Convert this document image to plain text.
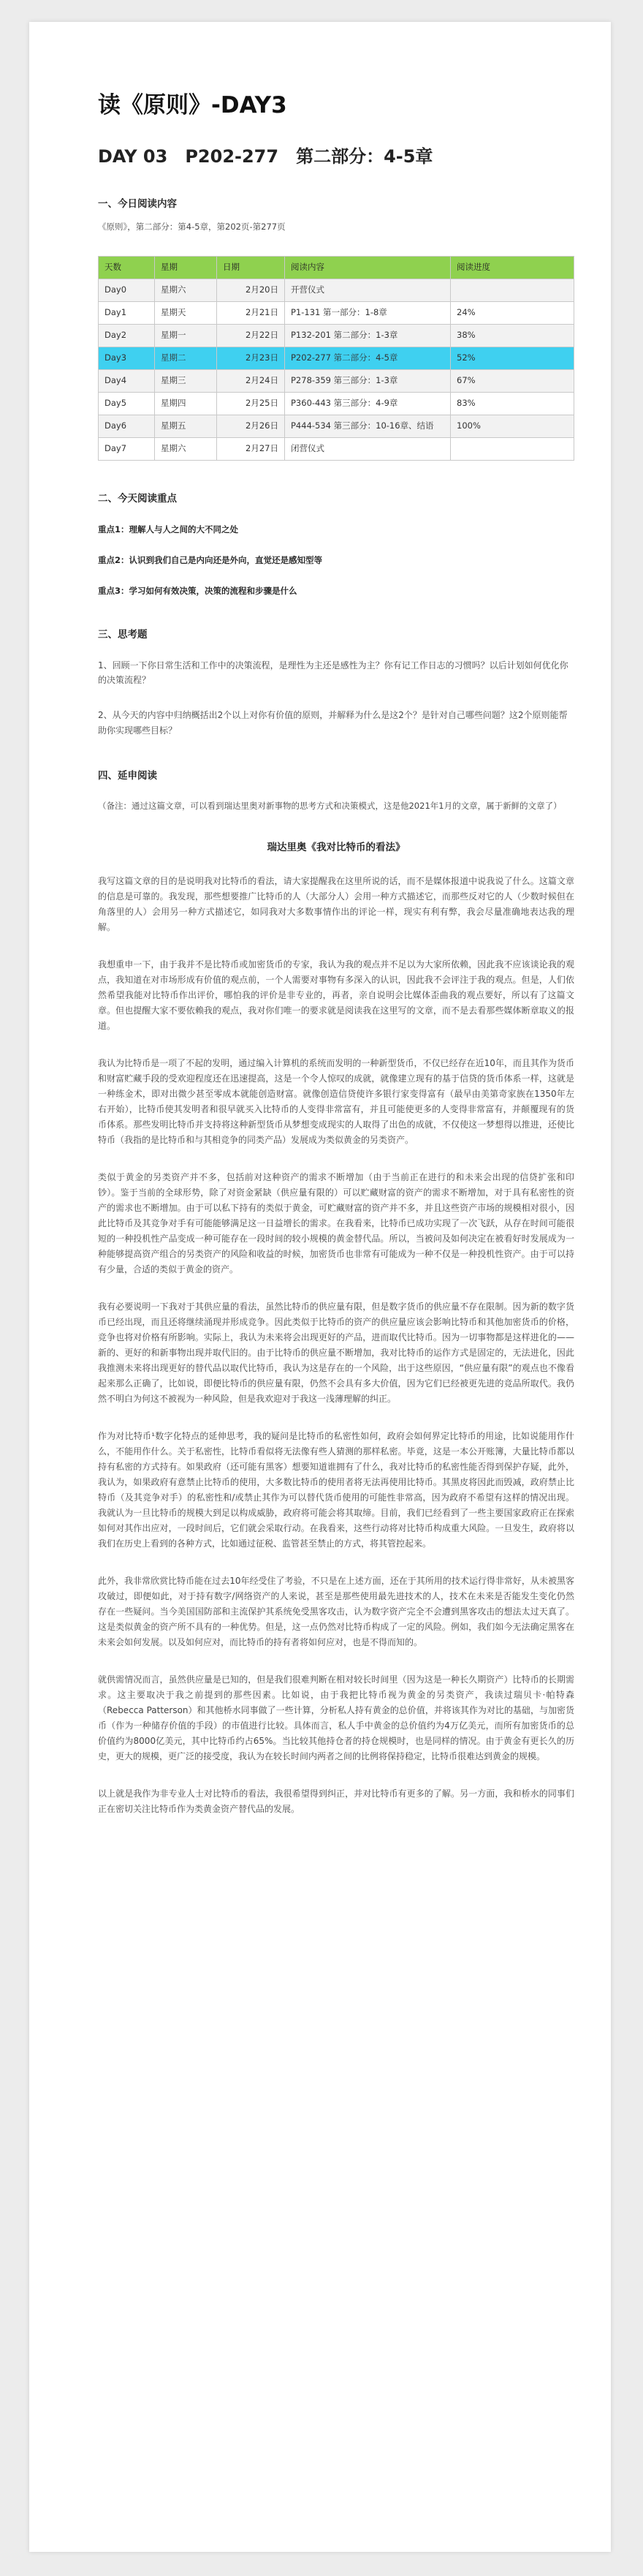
读《原则》-DAY3
DAY 03　P202-277　第二部分：4-5章
一、今日阅读内容

《原则》，第二部分：第4-5章，第202页-第277页

天数	星期	日期	阅读内容	阅读进度
Day0	星期六	2月20日	开营仪式	
Day1	星期天	2月21日	P1-131 第一部分：1-8章	24%
Day2	星期一	2月22日	P132-201 第二部分：1-3章	38%
Day3	星期二	2月23日	P202-277 第二部分：4-5章	52%
Day4	星期三	2月24日	P278-359 第三部分：1-3章	67%
Day5	星期四	2月25日	P360-443 第三部分：4-9章	83%
Day6	星期五	2月26日	P444-534 第三部分：10-16章、结语	100%
Day7	星期六	2月27日	闭营仪式	
二、今天阅读重点

重点1：理解人与人之间的大不同之处

重点2：认识到我们自己是内向还是外向，直觉还是感知型等

重点3：学习如何有效决策，决策的流程和步骤是什么

三、思考题

1、回顾一下你日常生活和工作中的决策流程，是理性为主还是感性为主？你有记工作日志的习惯吗？以后计划如何优化你的决策流程？

2、从今天的内容中归纳概括出2个以上对你有价值的原则，并解释为什么是这2个？是针对自己哪些问题？这2个原则能帮助你实现哪些目标？

四、延申阅读

（备注：通过这篇文章，可以看到瑞达里奥对新事物的思考方式和决策模式，这是他2021年1月的文章，属于新鲜的文章了）

瑞达里奥《我对比特币的看法》

我写这篇文章的目的是说明我对比特币的看法，请大家提醒我在这里所说的话，而不是媒体报道中说我说了什么。这篇文章的信息是可靠的。我发现，那些想要推广比特币的人（大部分人）会用一种方式描述它，而那些反对它的人（少数时候但在角落里的人）会用另一种方式描述它，如同我对大多数事情作出的评论一样，现实有利有弊，我会尽量准确地表达我的理解。

我想重申一下，由于我并不是比特币或加密货币的专家，我认为我的观点并不足以为大家所依赖，因此我不应该谈论我的观点，我知道在对市场形成有价值的观点前，一个人需要对事物有多深入的认识，因此我不会评注于我的观点。但是，人们依然希望我能对比特币作出评价，哪怕我的评价是非专业的，再者，亲自说明会比媒体歪曲我的观点要好，所以有了这篇文章。但也提醒大家不要依赖我的观点，我对你们唯一的要求就是阅读我在这里写的文章，而不是去看那些媒体断章取义的报道。

我认为比特币是一项了不起的发明，通过编入计算机的系统而发明的一种新型货币，不仅已经存在近10年，而且其作为货币和财富贮藏手段的受欢迎程度还在迅速提高，这是一个令人惊叹的成就，就像建立现有的基于信贷的货币体系一样，这就是一种练金术，即对出微少甚至零成本就能创造财富。就像创造信贷使许多银行家变得富有（最早由美第奇家族在1350年左右开始），比特币使其发明者和很早就买入比特币的人变得非常富有，并且可能使更多的人变得非常富有，并颠覆现有的货币体系。那些发明比特币并支持将这种新型货币从梦想变成现实的人取得了出色的成就，不仅使这一梦想得以推进，还使比特币（我指的是比特币和与其相竞争的同类产品）发展成为类似黄金的另类资产。

类似于黄金的另类资产并不多，包括前对这种资产的需求不断增加（由于当前正在进行的和未来会出现的信贷扩张和印钞）。鉴于当前的全球形势，除了对资金紧缺（供应量有限的）可以贮藏财富的资产的需求不断增加，对于具有私密性的资产的需求也不断增加。由于可以私下持有的类似于黄金，可贮藏财富的资产并不多，并且这些资产市场的规模相对很小，因此比特币及其竞争对手有可能能够满足这一日益增长的需求。在我看来，比特币已成功实现了一次飞跃，从存在时间可能很短的一种投机性产品变成一种可能存在一段时间的较小规模的黄金替代品。所以，当被问及如何决定在被看好时发展成为一种能够提高资产组合的另类资产的风险和收益的时候，加密货币也非常有可能成为一种不仅是一种投机性资产。由于可以持有少量，合适的类似于黄金的资产。

我有必要说明一下我对于其供应量的看法，虽然比特币的供应量有限，但是数字货币的供应量不存在限制。因为新的数字货币已经出现，而且还将继续涌现并形成竞争。因此类似于比特币的资产的供应量应该会影响比特币和其他加密货币的价格，竞争也将对价格有所影响。实际上，我认为未来将会出现更好的产品，进而取代比特币。因为一切事物都是这样进化的——新的、更好的和新事物出现并取代旧的。由于比特币的供应量不断增加，我对比特币的运作方式是固定的，无法进化，因此我推测未来将出现更好的替代品以取代比特币，我认为这是存在的一个风险，出于这些原因，“供应量有限”的观点也不像看起来那么正确了，比如说，即便比特币的供应量有限，仍然不会具有多大价值，因为它们已经被更先进的竞品所取代。我仍然不明白为何这不被视为一种风险，但是我欢迎对于我这一浅薄理解的纠正。

作为对比特币¹数字化特点的延伸思考，我的疑问是比特币的私密性如何，政府会如何界定比特币的用途，比如说能用作什么，不能用作什么。关于私密性，比特币看似将无法像有些人猜测的那样私密。毕竟，这是一本公开账簿，大量比特币都以持有私密的方式持有。如果政府（还可能有黑客）想要知道谁拥有了什么，我对比特币的私密性能否得到保护存疑，此外，我认为，如果政府有意禁止比特币的使用，大多数比特币的使用者将无法再使用比特币。其黑皮将因此而毁减，政府禁止比特币（及其竞争对手）的私密性和/或禁止其作为可以替代货币使用的可能性非常高，因为政府不希望有这样的情况出现。我就认为一旦比特币的规模大到足以构成威胁，政府将可能会将其取缔。目前，我们已经看到了一些主要国家政府正在探索如何对其作出应对，一段时间后，它们就会采取行动。在我看来，这些行动将对比特币构成重大风险。一旦发生，政府将以我们在历史上看到的各种方式，比如通过征税、监管甚至禁止的方式，将其管控起来。

此外，我非常欣赏比特币能在过去10年经受住了考验，不只是在上述方面，还在于其所用的技术运行得非常好，从未被黑客攻破过，即便如此，对于持有数字/网络资产的人来说，甚至是那些使用最先进技术的人，技术在未来是否能发生变化仍然存在一些疑问。当今美国国防部和主流保护其系统免受黑客攻击，认为数字资产完全不会遭到黑客攻击的想法太过天真了。这是类似黄金的资产所不具有的一种优势。但是，这一点仍然对比特币构成了一定的风险。例如，我们如今无法确定黑客在未来会如何发展。以及如何应对，而比特币的持有者将如何应对，也是不得而知的。

就供需情况而言，虽然供应量是已知的，但是我们很难判断在相对较长时间里（因为这是一种长久期资产）比特币的长期需求。这主要取决于我之前提到的那些因素。比如说，由于我把比特币视为黄金的另类资产，我读过瑞贝卡·帕特森（Rebecca Patterson）和其他桥水同事做了一些计算，分析私人持有黄金的总价值，并将该其作为对比的基础，与加密货币（作为一种储存价值的手段）的市值进行比较。具体而言，私人手中黄金的总价值约为4万亿美元，而所有加密货币的总价值约为8000亿美元，其中比特币约占65%。当比较其他持仓者的持仓规模时，也是同样的情况。由于黄金有更长久的历史，更大的规模，更广泛的接受度，我认为在较长时间内两者之间的比例将保持稳定，比特币很难达到黄金的规模。

以上就是我作为非专业人士对比特币的看法，我很希望得到纠正，并对比特币有更多的了解。另一方面，我和桥水的同事们正在密切关注比特币作为类黄金资产替代品的发展。
